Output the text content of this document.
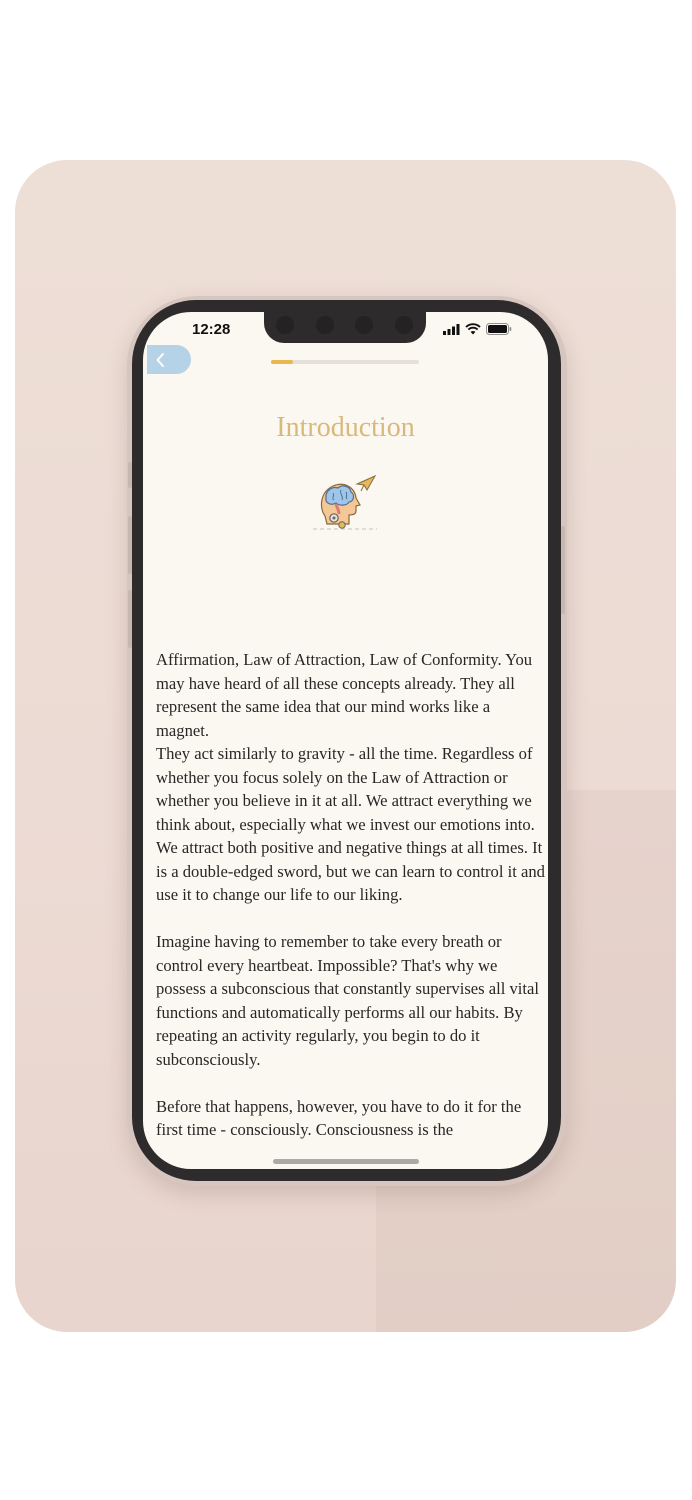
12:28
Introduction

Affirmation, Law of Attraction, Law of Conformity. You may have heard of all these concepts already. They all represent the same idea that our mind works like a magnet.
They act similarly to gravity - all the time. Regardless of whether you focus solely on the Law of Attraction or whether you believe in it at all. We attract everything we think about, especially what we invest our emotions into. We attract both positive and negative things at all times. It is a double-edged sword, but we can learn to control it and use it to change our life to our liking.

Imagine having to remember to take every breath or control every heartbeat. Impossible? That's why we possess a subconscious that constantly supervises all vital functions and automatically performs all our habits. By repeating an activity regularly, you begin to do it subconsciously.

Before that happens, however, you have to do it for the first time - consciously. Consciousness is the
